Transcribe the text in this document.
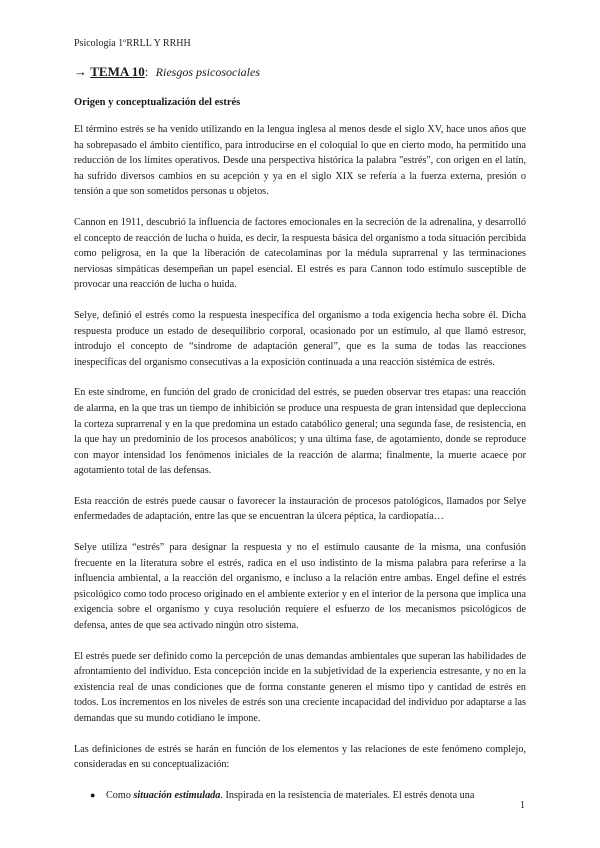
Psicología 1ºRRLL Y RRHH
→ TEMA 10: Riesgos psicosociales
Origen y conceptualización del estrés

El término estrés se ha venido utilizando en la lengua inglesa al menos desde el siglo XV, hace unos años que ha sobrepasado el ámbito científico, para introducirse en el coloquial lo que en cierto modo, ha permitido una reducción de los límites operativos. Desde una perspectiva histórica la palabra "estrés", con origen en el latín, ha sufrido diversos cambios en su acepción y ya en el siglo XIX se refería a la fuerza externa, presión o tensión a que son sometidos personas u objetos.

Cannon en 1911, descubrió la influencia de factores emocionales en la secreción de la adrenalina, y desarrolló el concepto de reacción de lucha o huida, es decir, la respuesta básica del organismo a toda situación percibida como peligrosa, en la que la liberación de catecolaminas por la médula suprarrenal y las terminaciones nerviosas simpáticas desempeñan un papel esencial. El estrés es para Cannon todo estímulo susceptible de provocar una reacción de lucha o huida.

Selye, definió el estrés como la respuesta inespecífica del organismo a toda exigencia hecha sobre él. Dicha respuesta produce un estado de desequilibrio corporal, ocasionado por un estímulo, al que llamó estresor, introdujo el concepto de “síndrome de adaptación general”, que es la suma de todas las reacciones inespecíficas del organismo consecutivas a la exposición continuada a una reacción sistémica de estrés.

En este síndrome, en función del grado de cronicidad del estrés, se pueden observar tres etapas: una reacción de alarma, en la que tras un tiempo de inhibición se produce una respuesta de gran intensidad que deplecciona la corteza suprarrenal y en la que predomina un estado catabólico general; una segunda fase, de resistencia, en la que hay un predominio de los procesos anabólicos; y una última fase, de agotamiento, donde se reproduce con mayor intensidad los fenómenos iniciales de la reacción de alarma; finalmente, la muerte acaece por agotamiento total de las defensas.

Esta reacción de estrés puede causar o favorecer la instauración de procesos patológicos, llamados por Selye enfermedades de adaptación, entre las que se encuentran la úlcera péptica, la cardiopatía…

Selye utiliza “estrés” para designar la respuesta y no el estímulo causante de la misma, una confusión frecuente en la literatura sobre el estrés, radica en el uso indistinto de la misma palabra para referirse a la influencia ambiental, a la reacción del organismo, e incluso a la relación entre ambas. Engel define el estrés psicológico como todo proceso originado en el ambiente exterior y en el interior de la persona que implica una exigencia sobre el organismo y cuya resolución requiere el esfuerzo de los mecanismos psicológicos de defensa, antes de que sea activado ningún otro sistema.

El estrés puede ser definido como la percepción de unas demandas ambientales que superan las habilidades de afrontamiento del individuo. Esta concepción incide en la subjetividad de la experiencia estresante, y no en la existencia real de unas condiciones que de forma constante generen el mismo tipo y cantidad de estrés en todos. Los incrementos en los niveles de estrés son una creciente incapacidad del individuo por adaptarse a las demandas que su mundo cotidiano le impone.

Las definiciones de estrés se harán en función de los elementos y las relaciones de este fenómeno complejo, consideradas en su conceptualización:

● Como situación estimulada. Inspirada en la resistencia de materiales. El estrés denota una
1
